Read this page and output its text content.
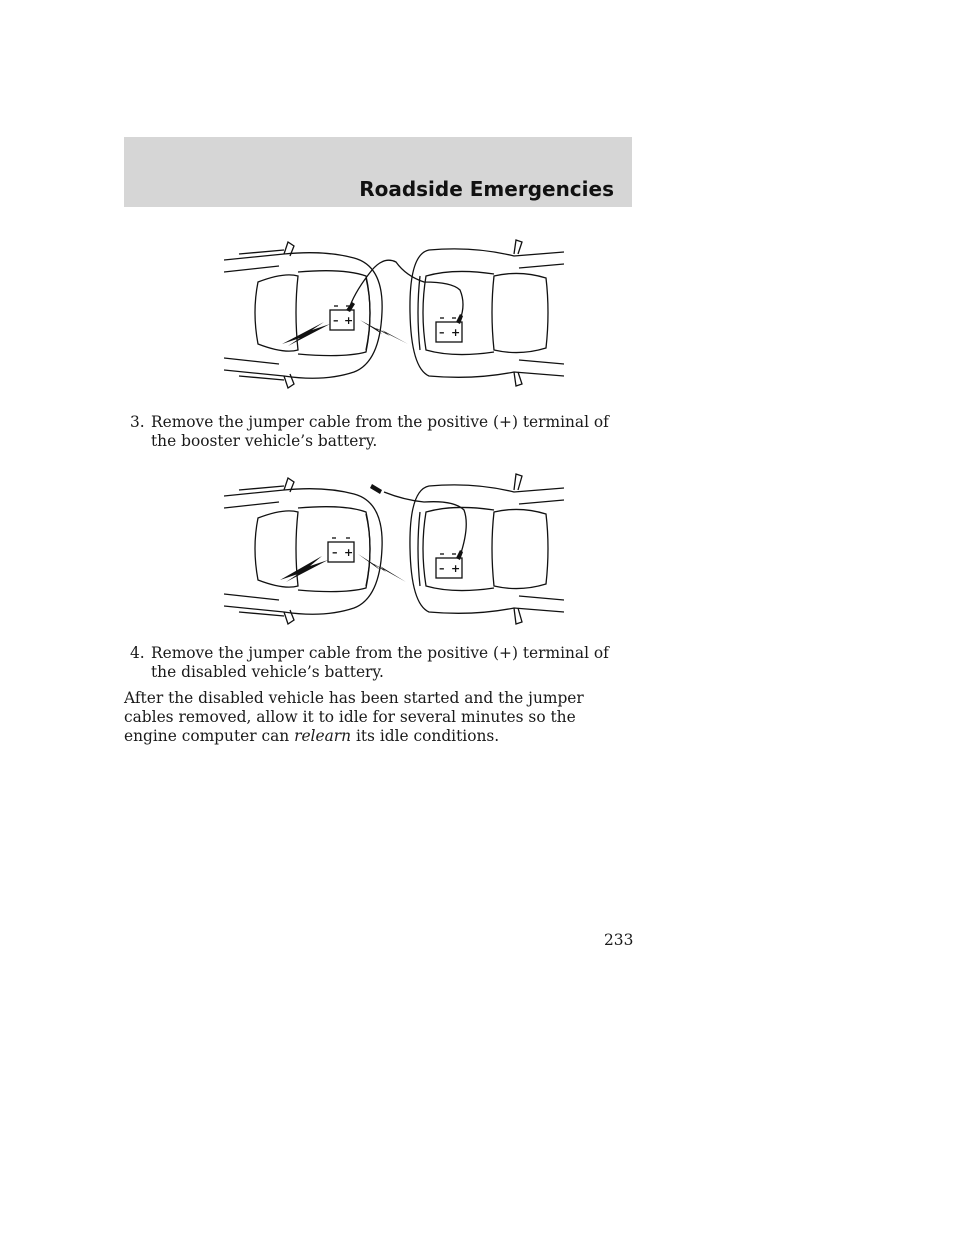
Roadside Emergencies
– +
– +

3. Remove the jumper cable from the positive (+) terminal of the booster vehicle’s battery.

– +
– +

4. Remove the jumper cable from the positive (+) terminal of the disabled vehicle’s battery.

After the disabled vehicle has been started and the jumper cables removed, allow it to idle for several minutes so the engine computer can relearn its idle conditions.

233
